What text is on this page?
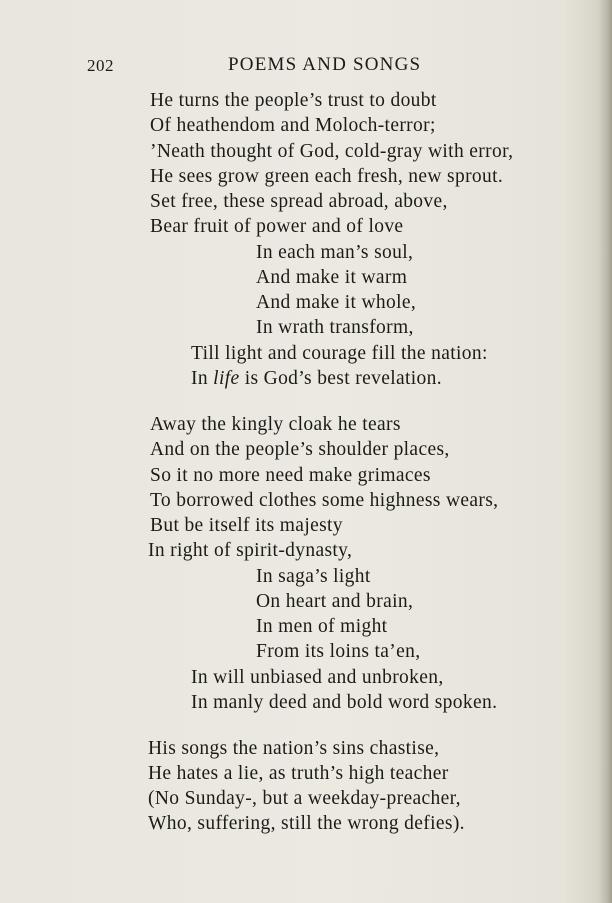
202	POEMS AND SONGS
He turns the people’s trust to doubt
Of heathendom and Moloch-terror;
’Neath thought of God, cold-gray with error,
He sees grow green each fresh, new sprout.
Set free, these spread abroad, above,
Bear fruit of power and of love
In each man’s soul,
And make it warm
And make it whole,
In wrath transform,
Till light and courage fill the nation:
In life is God’s best revelation.
Away the kingly cloak he tears
And on the people’s shoulder places,
So it no more need make grimaces
To borrowed clothes some highness wears,
But be itself its majesty
In right of spirit-dynasty,
In saga’s light
On heart and brain,
In men of might
From its loins ta’en,
In will unbiased and unbroken,
In manly deed and bold word spoken.
His songs the nation’s sins chastise,
He hates a lie, as truth’s high teacher
(No Sunday-, but a weekday-preacher,
Who, suffering, still the wrong defies).
